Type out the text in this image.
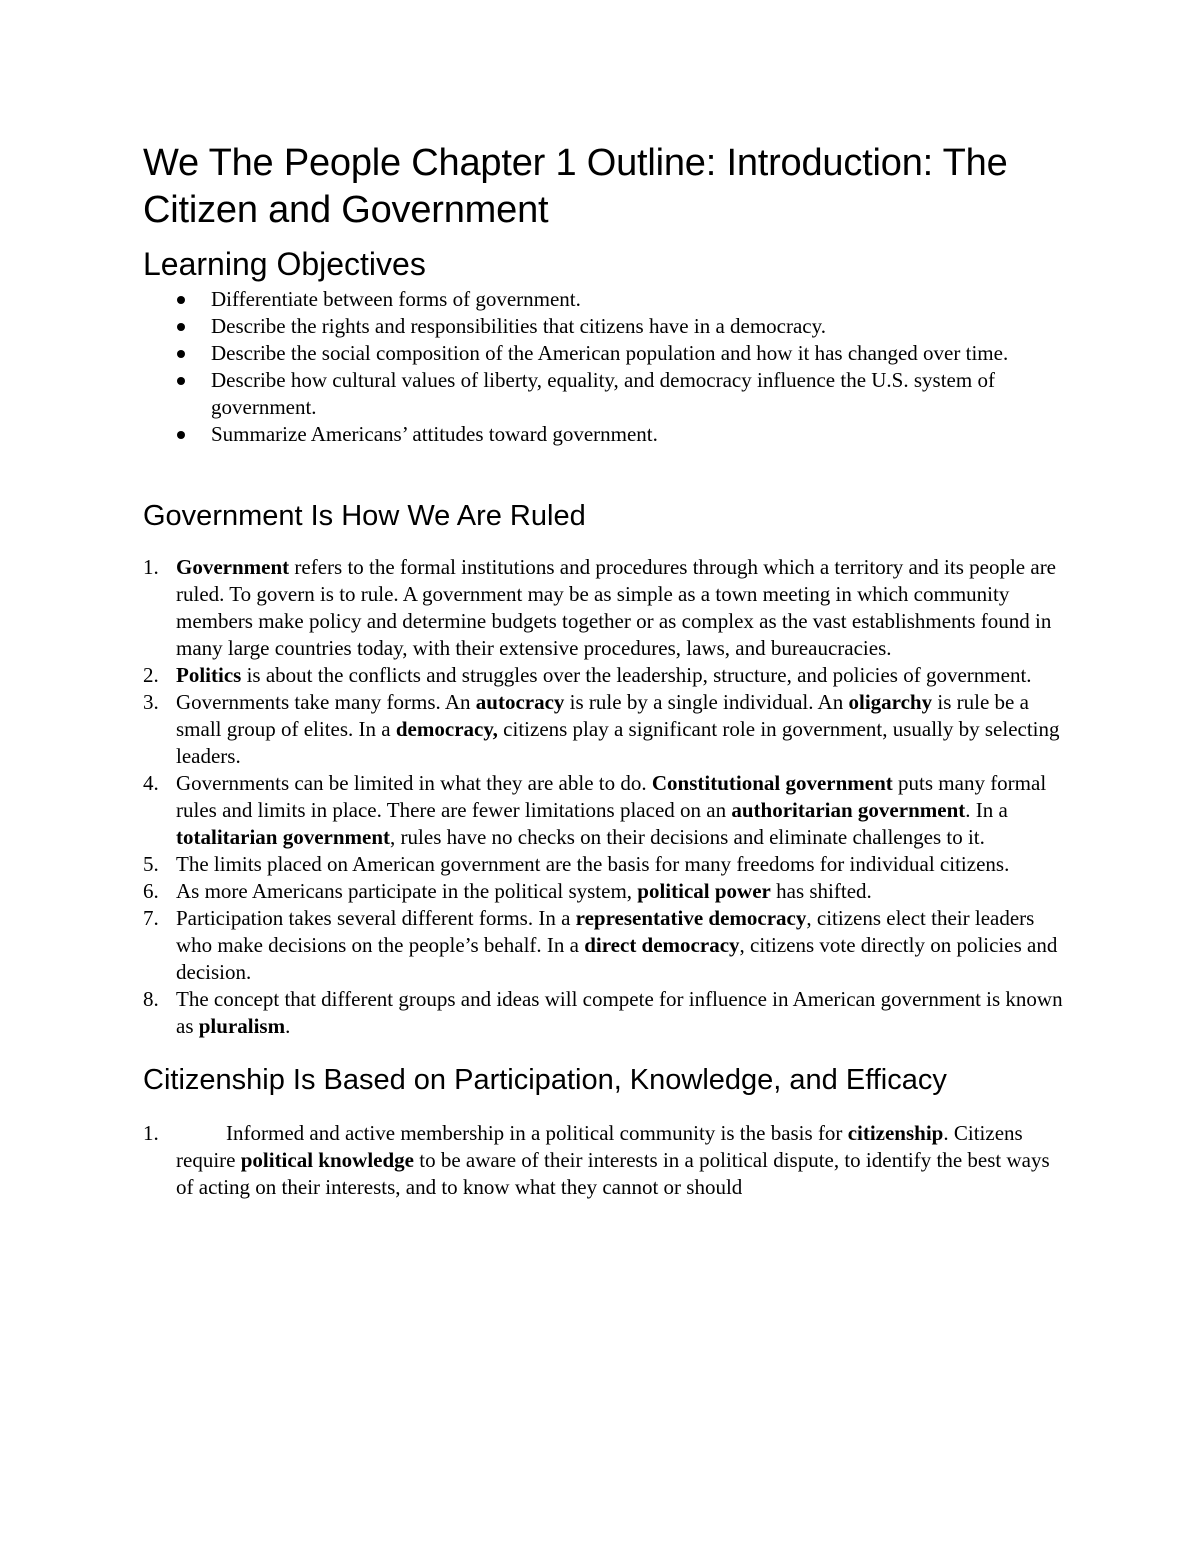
We The People Chapter 1 Outline: Introduction: The
Citizen and Government
Learning Objectives
Differentiate between forms of government.
Describe the rights and responsibilities that citizens have in a democracy.
Describe the social composition of the American population and how it has changed over time.
Describe how cultural values of liberty, equality, and democracy influence the U.S. system of government.
Summarize Americans’ attitudes toward government.
Government Is How We Are Ruled
1. Government refers to the formal institutions and procedures through which a territory and its people are ruled. To govern is to rule. A government may be as simple as a town meeting in which community members make policy and determine budgets together or as complex as the vast establishments found in many large countries today, with their extensive procedures, laws, and bureaucracies.
2. Politics is about the conflicts and struggles over the leadership, structure, and policies of government.
3. Governments take many forms. An autocracy is rule by a single individual. An oligarchy is rule be a small group of elites. In a democracy, citizens play a significant role in government, usually by selecting leaders.
4. Governments can be limited in what they are able to do. Constitutional government puts many formal rules and limits in place. There are fewer limitations placed on an authoritarian government. In a totalitarian government, rules have no checks on their decisions and eliminate challenges to it.
5. The limits placed on American government are the basis for many freedoms for individual citizens.
6. As more Americans participate in the political system, political power has shifted.
7. Participation takes several different forms. In a representative democracy, citizens elect their leaders who make decisions on the people’s behalf. In a direct democracy, citizens vote directly on policies and decision.
8. The concept that different groups and ideas will compete for influence in American government is known as pluralism.
Citizenship Is Based on Participation, Knowledge, and Efficacy
1.	Informed and active membership in a political community is the basis for citizenship. Citizens require political knowledge to be aware of their interests in a political dispute, to identify the best ways of acting on their interests, and to know what they cannot or should
